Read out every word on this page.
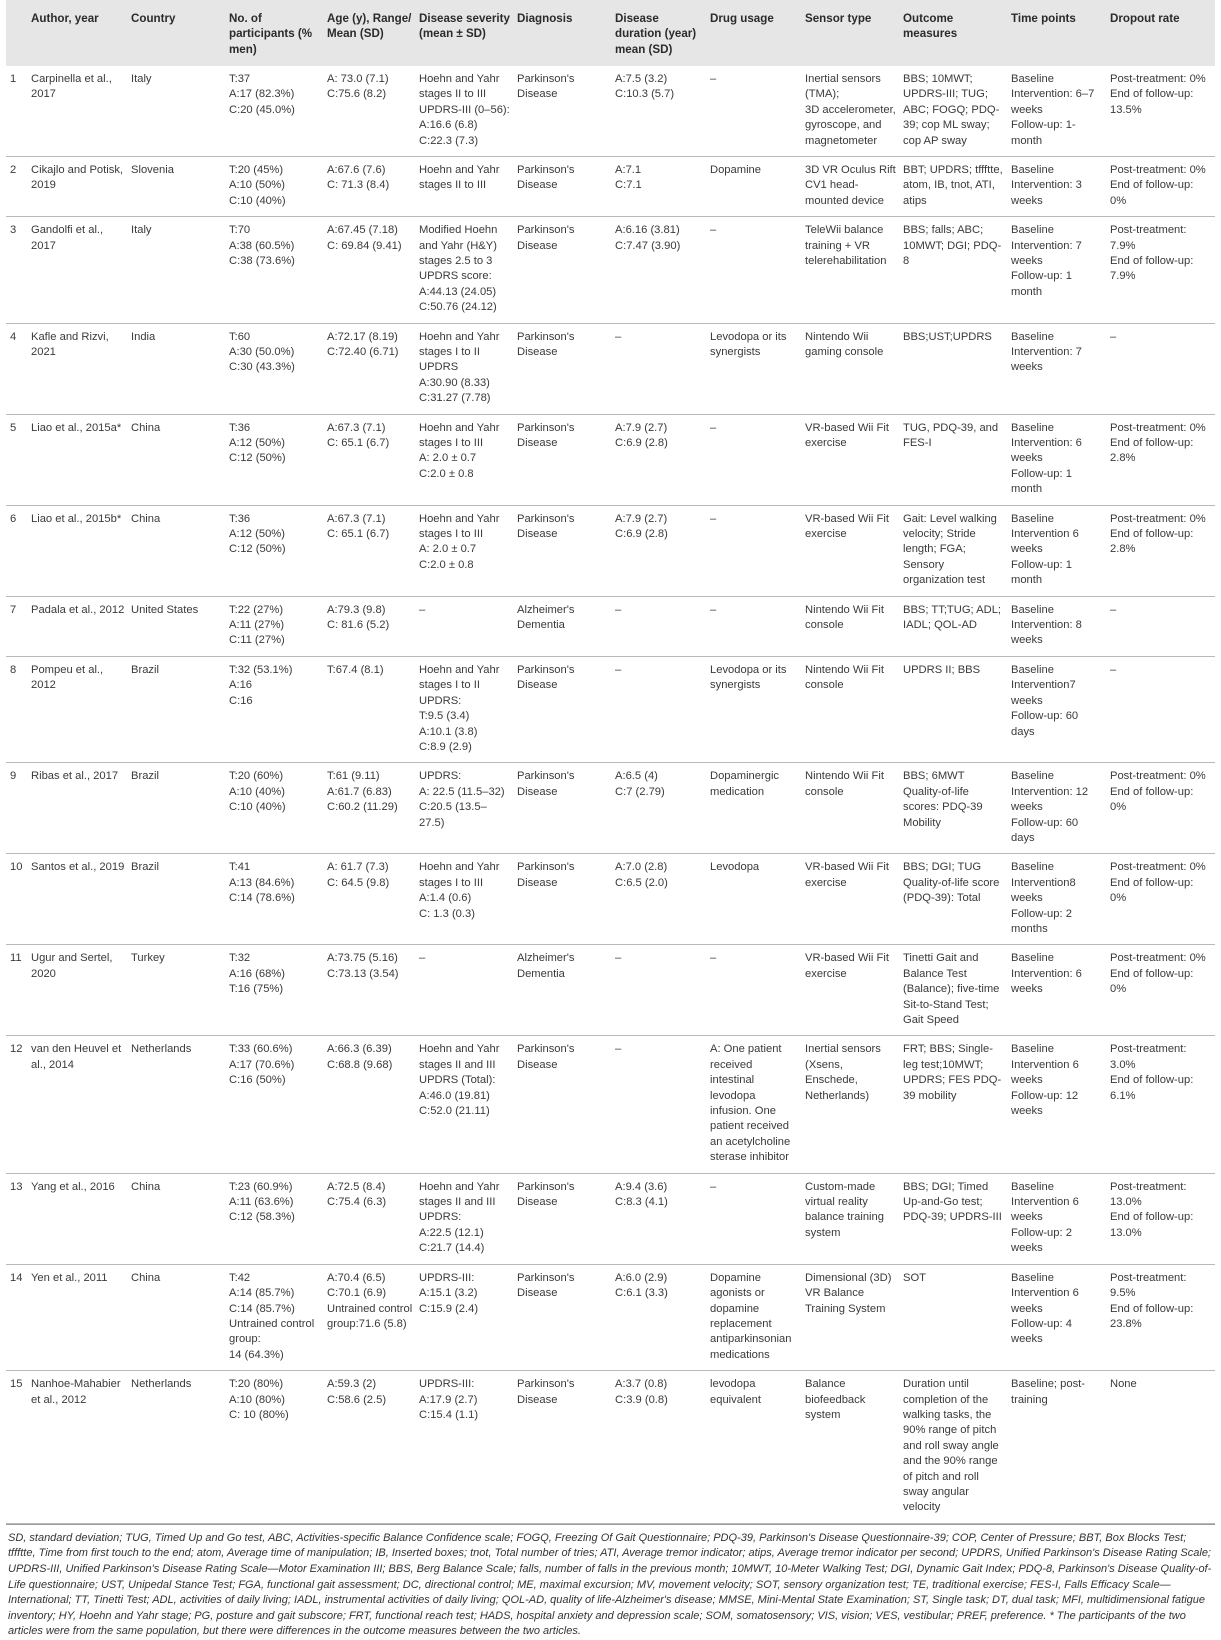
	Author, year	Country	No. of participants (% men)	Age (y), Range/ Mean (SD)	Disease severity (mean ± SD)	Diagnosis	Disease duration (year) mean (SD)	Drug usage	Sensor type	Outcome measures	Time points	Dropout rate
1	Carpinella et al., 2017	Italy	T:37
A:17 (82.3%)
C:20 (45.0%)	A: 73.0 (7.1)
C:75.6 (8.2)	Hoehn and Yahr stages II to III
UPDRS-III (0–56):
A:16.6 (6.8)
C:22.3 (7.3)	Parkinson's Disease	A:7.5 (3.2)
C:10.3 (5.7)	–	Inertial sensors (TMA);
3D accelerometer, gyroscope, and magnetometer	BBS; 10MWT; UPDRS-III; TUG; ABC; FOGQ; PDQ-39; cop ML sway; cop AP sway	Baseline
Intervention: 6–7 weeks
Follow-up: 1-month	Post-treatment: 0%
End of follow-up: 13.5%
2	Cikajlo and Potisk, 2019	Slovenia	T:20 (45%)
A:10 (50%)
C:10 (40%)	A:67.6 (7.6)
C: 71.3 (8.4)	Hoehn and Yahr stages II to III	Parkinson's Disease	A:7.1
C:7.1	Dopamine	3D VR Oculus Rift CV1 head-mounted device	BBT; UPDRS; tffftte, atom, IB, tnot, ATI, atips	Baseline
Intervention: 3 weeks	Post-treatment: 0%
End of follow-up: 0%
3	Gandolfi et al., 2017	Italy	T:70
A:38 (60.5%)
C:38 (73.6%)	A:67.45 (7.18)
C: 69.84 (9.41)	Modified Hoehn and Yahr (H&Y) stages 2.5 to 3
UPDRS score:
A:44.13 (24.05)
C:50.76 (24.12)	Parkinson's Disease	A:6.16 (3.81)
C:7.47 (3.90)	–	TeleWii balance training + VR telerehabilitation	BBS; falls; ABC; 10MWT; DGI; PDQ-8	Baseline
Intervention: 7 weeks
Follow-up: 1 month	Post-treatment: 7.9%
End of follow-up: 7.9%
4	Kafle and Rizvi, 2021	India	T:60
A:30 (50.0%)
C:30 (43.3%)	A:72.17 (8.19)
C:72.40 (6.71)	Hoehn and Yahr stages I to II
UPDRS
A:30.90 (8.33)
C:31.27 (7.78)	Parkinson's Disease	–	Levodopa or its synergists	Nintendo Wii gaming console	BBS;UST;UPDRS	Baseline
Intervention: 7 weeks	–
5	Liao et al., 2015a*	China	T:36
A:12 (50%)
C:12 (50%)	A:67.3 (7.1)
C: 65.1 (6.7)	Hoehn and Yahr stages I to III
A: 2.0 ± 0.7
C:2.0 ± 0.8	Parkinson's Disease	A:7.9 (2.7)
C:6.9 (2.8)	–	VR-based Wii Fit exercise	TUG, PDQ-39, and FES-I	Baseline
Intervention: 6 weeks
Follow-up: 1 month	Post-treatment: 0%
End of follow-up: 2.8%
6	Liao et al., 2015b*	China	T:36
A:12 (50%)
C:12 (50%)	A:67.3 (7.1)
C: 65.1 (6.7)	Hoehn and Yahr stages I to III
A: 2.0 ± 0.7
C:2.0 ± 0.8	Parkinson's Disease	A:7.9 (2.7)
C:6.9 (2.8)	–	VR-based Wii Fit exercise	Gait: Level walking velocity; Stride length; FGA; Sensory organization test	Baseline
Intervention 6 weeks
Follow-up: 1 month	Post-treatment: 0%
End of follow-up: 2.8%
7	Padala et al., 2012	United States	T:22 (27%)
A:11 (27%)
C:11 (27%)	A:79.3 (9.8)
C: 81.6 (5.2)	–	Alzheimer's Dementia	–	–	Nintendo Wii Fit console	BBS; TT;TUG; ADL; IADL; QOL-AD	Baseline
Intervention: 8 weeks	–
8	Pompeu et al., 2012	Brazil	T:32 (53.1%)
A:16
C:16	T:67.4 (8.1)	Hoehn and Yahr stages I to II
UPDRS:
T:9.5 (3.4)
A:10.1 (3.8)
C:8.9 (2.9)	Parkinson's Disease	–	Levodopa or its synergists	Nintendo Wii Fit console	UPDRS II; BBS	Baseline
Intervention7 weeks
Follow-up: 60 days	–
9	Ribas et al., 2017	Brazil	T:20 (60%)
A:10 (40%)
C:10 (40%)	T:61 (9.11)
A:61.7 (6.83)
C:60.2 (11.29)	UPDRS:
A: 22.5 (11.5–32)
C:20.5 (13.5–27.5)	Parkinson's Disease	A:6.5 (4)
C:7 (2.79)	Dopaminergic medication	Nintendo Wii Fit console	BBS; 6MWT Quality-of-life scores: PDQ-39 Mobility	Baseline
Intervention: 12 weeks
Follow-up: 60 days	Post-treatment: 0%
End of follow-up: 0%
10	Santos et al., 2019	Brazil	T:41
A:13 (84.6%)
C:14 (78.6%)	A: 61.7 (7.3)
C: 64.5 (9.8)	Hoehn and Yahr stages I to III
A:1.4 (0.6)
C: 1.3 (0.3)	Parkinson's Disease	A:7.0 (2.8)
C:6.5 (2.0)	Levodopa	VR-based Wii Fit exercise	BBS; DGI; TUG Quality-of-life score (PDQ-39): Total	Baseline
Intervention8 weeks
Follow-up: 2 months	Post-treatment: 0%
End of follow-up: 0%
11	Ugur and Sertel, 2020	Turkey	T:32
A:16 (68%)
T:16 (75%)	A:73.75 (5.16)
C:73.13 (3.54)	–	Alzheimer's Dementia	–	–	VR-based Wii Fit exercise	Tinetti Gait and Balance Test (Balance); five-time Sit-to-Stand Test; Gait Speed	Baseline
Intervention: 6 weeks	Post-treatment: 0%
End of follow-up: 0%
12	van den Heuvel et al., 2014	Netherlands	T:33 (60.6%)
A:17 (70.6%)
C:16 (50%)	A:66.3 (6.39)
C:68.8 (9.68)	Hoehn and Yahr stages II and III
UPDRS (Total):
A:46.0 (19.81)
C:52.0 (21.11)	Parkinson's Disease	–	A: One patient received intestinal levodopa infusion. One patient received an acetylcholine sterase inhibitor	Inertial sensors (Xsens, Enschede, Netherlands)	FRT; BBS; Single-leg test;10MWT; UPDRS; FES PDQ-39 mobility	Baseline
Intervention 6 weeks
Follow-up: 12 weeks	Post-treatment: 3.0%
End of follow-up: 6.1%
13	Yang et al., 2016	China	T:23 (60.9%)
A:11 (63.6%)
C:12 (58.3%)	A:72.5 (8.4)
C:75.4 (6.3)	Hoehn and Yahr stages II and III
UPDRS:
A:22.5 (12.1)
C:21.7 (14.4)	Parkinson's Disease	A:9.4 (3.6)
C:8.3 (4.1)	–	Custom-made virtual reality balance training system	BBS; DGI; Timed Up-and-Go test; PDQ-39; UPDRS-III	Baseline
Intervention 6 weeks
Follow-up: 2 weeks	Post-treatment: 13.0%
End of follow-up: 13.0%
14	Yen et al., 2011	China	T:42
A:14 (85.7%)
C:14 (85.7%)
Untrained control group:
14 (64.3%)	A:70.4 (6.5)
C:70.1 (6.9)
Untrained control group:71.6 (5.8)	UPDRS-III:
A:15.1 (3.2)
C:15.9 (2.4)	Parkinson's Disease	A:6.0 (2.9)
C:6.1 (3.3)	Dopamine agonists or dopamine replacement antiparkinsonian medications	Dimensional (3D) VR Balance Training System	SOT	Baseline
Intervention 6 weeks
Follow-up: 4 weeks	Post-treatment: 9.5%
End of follow-up: 23.8%
15	Nanhoe-Mahabier et al., 2012	Netherlands	T:20 (80%)
A:10 (80%)
C: 10 (80%)	A:59.3 (2)
C:58.6 (2.5)	UPDRS-III:
A:17.9 (2.7)
C:15.4 (1.1)	Parkinson's Disease	A:3.7 (0.8)
C:3.9 (0.8)	levodopa equivalent	Balance biofeedback system	Duration until completion of the walking tasks, the 90% range of pitch and roll sway angle and the 90% range of pitch and roll sway angular velocity	Baseline; post-training	None
SD, standard deviation; TUG, Timed Up and Go test, ABC, Activities-specific Balance Confidence scale; FOGQ, Freezing Of Gait Questionnaire; PDQ-39, Parkinson's Disease Questionnaire-39; COP, Center of Pressure; BBT, Box Blocks Test; tffftte, Time from first touch to the end; atom, Average time of manipulation; IB, Inserted boxes; tnot, Total number of tries; ATI, Average tremor indicator; atips, Average tremor indicator per second; UPDRS, Unified Parkinson's Disease Rating Scale; UPDRS-III, Unified Parkinson's Disease Rating Scale—Motor Examination III; BBS, Berg Balance Scale; falls, number of falls in the previous month; 10MWT, 10-Meter Walking Test; DGI, Dynamic Gait Index; PDQ-8, Parkinson's Disease Quality-of-Life questionnaire; UST, Unipedal Stance Test; FGA, functional gait assessment; DC, directional control; ME, maximal excursion; MV, movement velocity; SOT, sensory organization test; TE, traditional exercise; FES-I, Falls Efficacy Scale—International; TT, Tinetti Test; ADL, activities of daily living; IADL, instrumental activities of daily living; QOL-AD, quality of life-Alzheimer's disease; MMSE, Mini-Mental State Examination; ST, Single task; DT, dual task; MFI, multidimensional fatigue inventory; HY, Hoehn and Yahr stage; PG, posture and gait subscore; FRT, functional reach test; HADS, hospital anxiety and depression scale; SOM, somatosensory; VIS, vision; VES, vestibular; PREF, preference. * The participants of the two articles were from the same population, but there were differences in the outcome measures between the two articles.
